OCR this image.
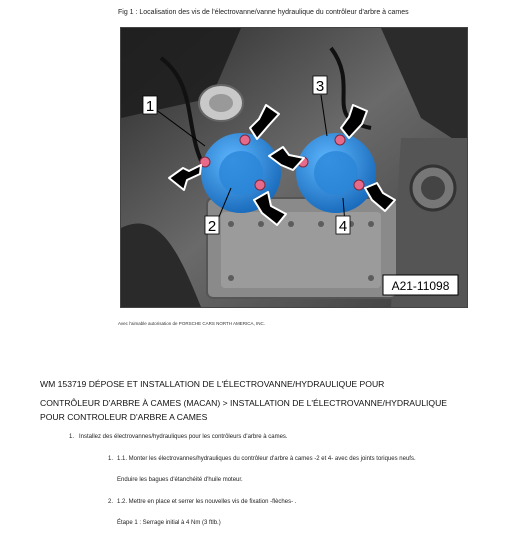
Fig 1 : Localisation des vis de l'électrovanne/vanne hydraulique du contrôleur d'arbre à cames
1
2
3
4
A21-11098
Avec l'aimable autorisation de PORSCHE CARS NORTH AMERICA, INC.
WM 153719 DÉPOSE ET INSTALLATION DE L'ÉLECTROVANNE/HYDRAULIQUE POUR
CONTRÔLEUR D'ARBRE À CAMES (MACAN) > INSTALLATION DE L'ÉLECTROVANNE/HYDRAULIQUE
POUR CONTROLEUR D'ARBRE A CAMES
1. Installez des électrovannes/hydrauliques pour les contrôleurs d'arbre à cames.
1. 1.1. Monter les électrovannes/hydrauliques du contrôleur d'arbre à cames -2 et 4- avec des joints toriques neufs.
Enduire les bagues d'étanchéité d'huile moteur.
2. 1.2. Mettre en place et serrer les nouvelles vis de fixation -flèches- .
Étape 1 : Serrage initial à 4 Nm (3 ftlb.)
